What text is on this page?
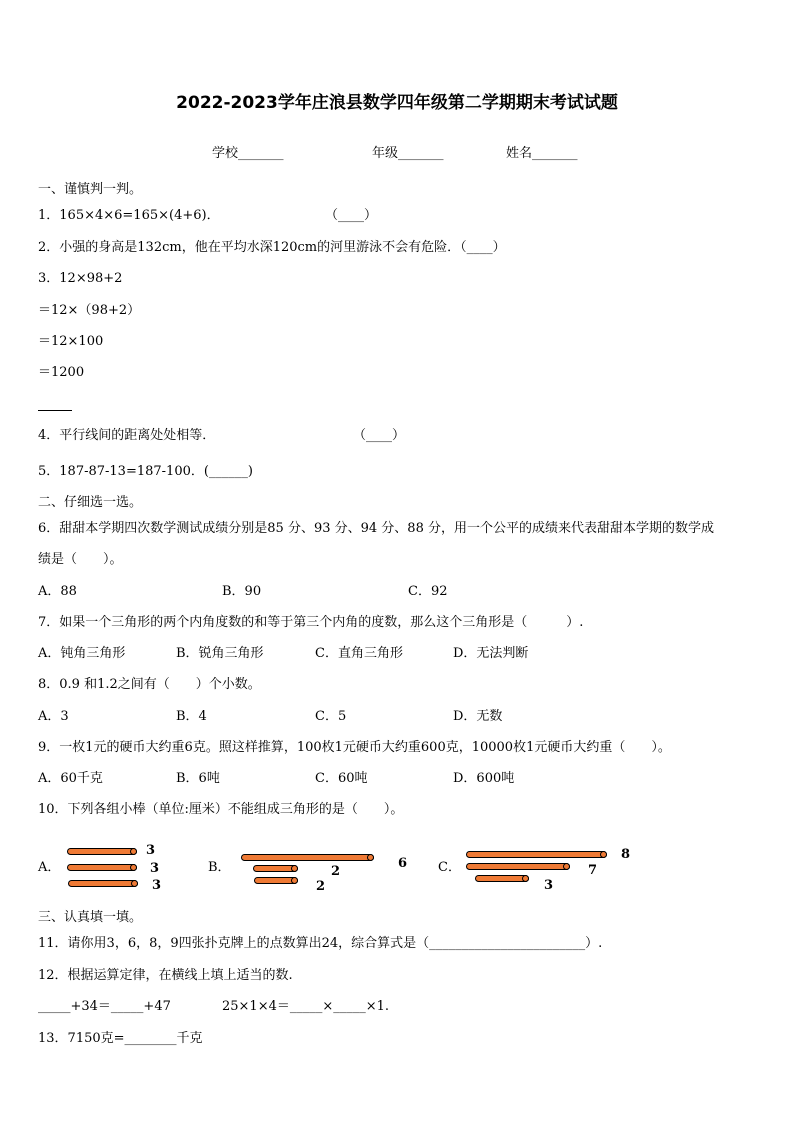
2022-2023学年庄浪县数学四年级第二学期期末考试试题
学校_______	年级_______	姓名_______
一、谨慎判一判。
1．165×4×6=165×(4+6)．	（____）
2．小强的身高是132cm，他在平均水深120cm的河里游泳不会有危险．（____）
3．12×98+2
＝12×（98+2）
＝12×100
＝1200
4．平行线间的距离处处相等．	（____）
5．187-87-13=187-100．(______)
二、仔细选一选。
6．甜甜本学期四次数学测试成绩分别是85 分、93 分、94 分、88 分，用一个公平的成绩来代表甜甜本学期的数学成
绩是（　　）。
A．88	B．90	C．92
7．如果一个三角形的两个内角度数的和等于第三个内角的度数，那么这个三角形是（　　　）.
A．钝角三角形	B．锐角三角形	C．直角三角形	D．无法判断
8．0.9 和1.2之间有（　　）个小数。
A．3	B．4	C．5	D．无数
9．一枚1元的硬币大约重6克。照这样推算，100枚1元硬币大约重600克，10000枚1元硬币大约重（　　）。
A．60千克	B．6吨	C．60吨	D．600吨
10．下列各组小棒（单位:厘米）不能组成三角形的是（　　）。
A．
3
3
3
B．	6
2
2
C．
8
7
3
三、认真填一填。
11．请你用3，6，8，9四张扑克牌上的点数算出24，综合算式是（________________________）.
12．根据运算定律，在横线上填上适当的数.
_____+34＝_____+47	25×1×4＝_____×_____×1.
13．7150克=________千克
